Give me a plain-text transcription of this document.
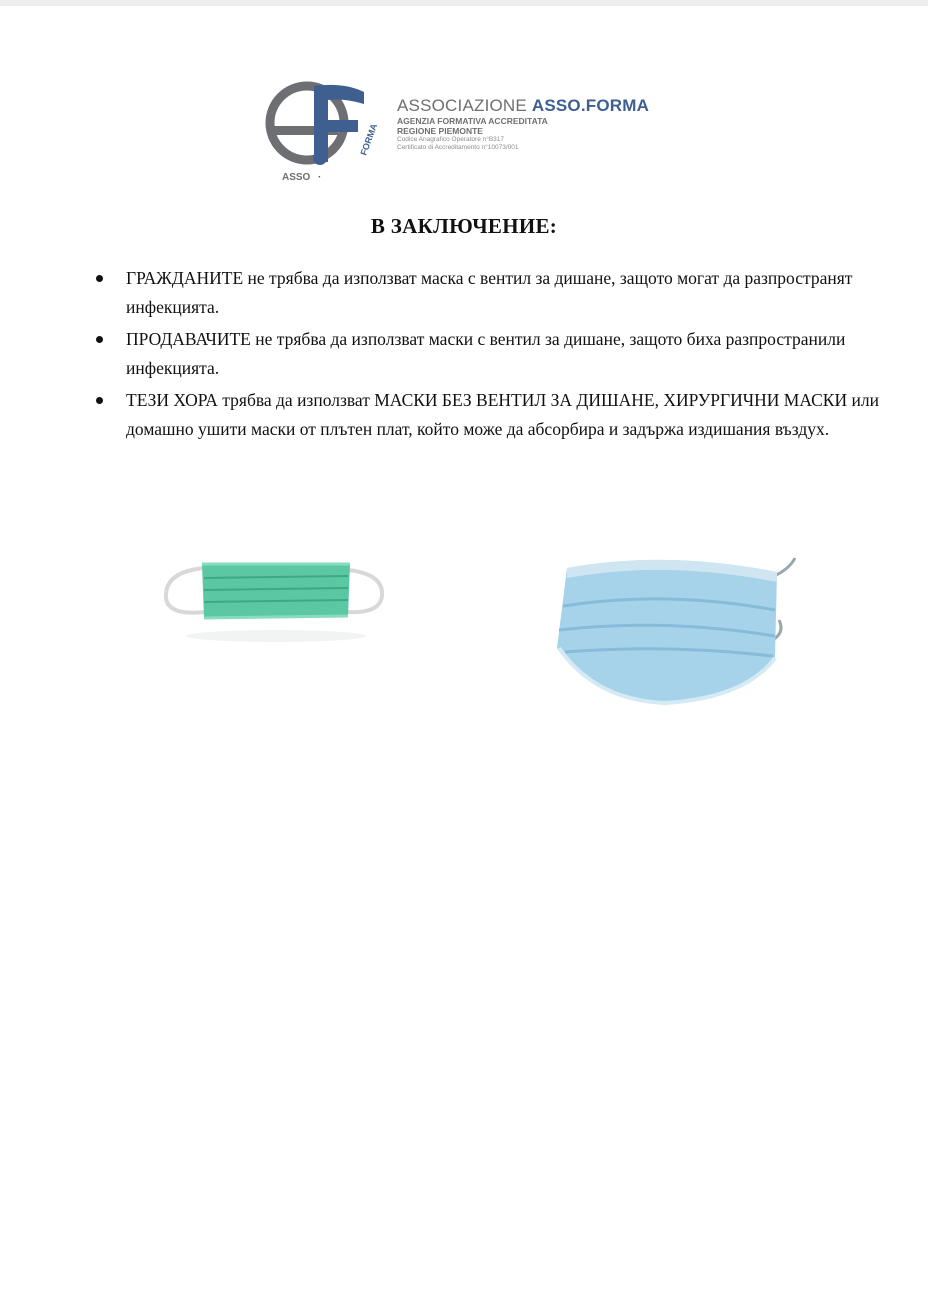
ASSO ·
FORMA
ASSOCIAZIONE ASSO.FORMA
AGENZIA FORMATIVA ACCREDITATA
REGIONE PIEMONTE
Codice Anagrafico Operatore n°B317
Certificato di Accreditamento n°10073/001
В ЗАКЛЮЧЕНИЕ:
ГРАЖДАНИТЕ не трябва да използват маска с вентил за дишане, защото могат да разпространят инфекцията.
ПРОДАВАЧИТЕ не трябва да използват маски с вентил за дишане, защото биха разпространили инфекцията.
ТЕЗИ ХОРА трябва да използват МАСКИ БЕЗ ВЕНТИЛ ЗА ДИШАНЕ, ХИРУРГИЧНИ МАСКИ или домашно ушити маски от плътен плат, който може да абсорбира и задържа издишания въздух.
